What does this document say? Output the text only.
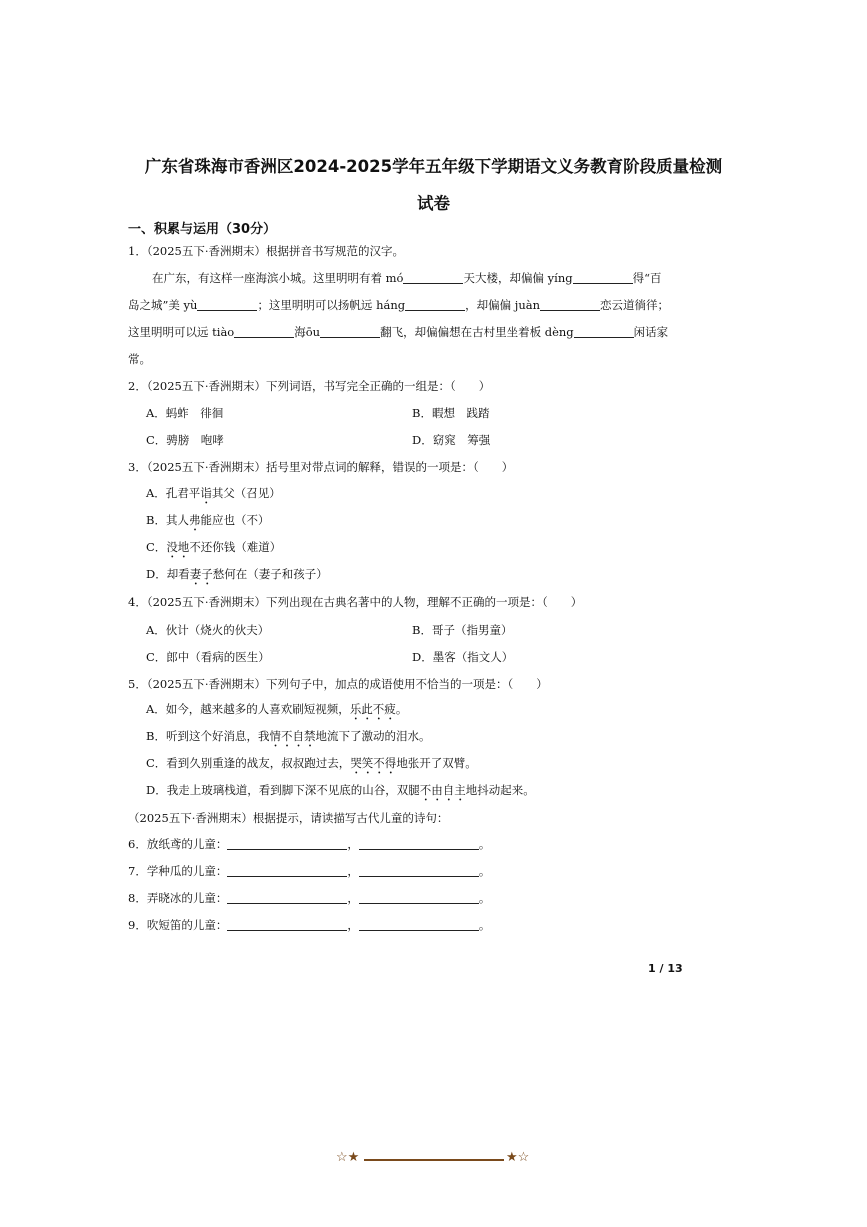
广东省珠海市香洲区2024-2025学年五年级下学期语文义务教育阶段质量检测
试卷
一、积累与运用（30分）
1．（2025五下·香洲期末）根据拼音书写规范的汉字。
在广东，有这样一座海滨小城。这里明明有着 mó	天大楼，却偏偏 yíng	得“百
岛之城”美 yù	；这里明明可以扬帆远 háng	，却偏偏 juàn	恋云道徜徉；
这里明明可以远 tiào	海ōu	翻飞，却偏偏想在古村里坐着板 dèng	闲话家
常。
2．（2025五下·香洲期末）下列词语，书写完全正确的一组是：（　　）
A．蚂蚱　徘徊	B．暇想　践踏
C．骋膀　咆哮	D．窈窕　筹强
3．（2025五下·香洲期末）括号里对带点词的解释，错误的一项是：（　　）
A．孔君平诣其父（召见）
B．其人弗能应也（不）
C．没地不还你钱（难道）
D．却看妻子愁何在（妻子和孩子）
4．（2025五下·香洲期末）下列出现在古典名著中的人物，理解不正确的一项是：（　　）
A．伙计（烧火的伙夫）	B．哥子（指男童）
C．郎中（看病的医生）	D．墨客（指文人）
5．（2025五下·香洲期末）下列句子中，加点的成语使用不恰当的一项是：（　　）
A．如今，越来越多的人喜欢刷短视频，乐此不疲。
B．听到这个好消息，我情不自禁地流下了激动的泪水。
C．看到久别重逢的战友，叔叔跑过去，哭笑不得地张开了双臂。
D．我走上玻璃栈道，看到脚下深不见底的山谷，双腿不由自主地抖动起来。
（2025五下·香洲期末）根据提示，请读描写古代儿童的诗句：
6．放纸鸢的儿童：	，	。
7．学种瓜的儿童：	，	。
8．弄晓冰的儿童：	，	。
9．吹短笛的儿童：	，	。
1 / 13
☆★	★☆
